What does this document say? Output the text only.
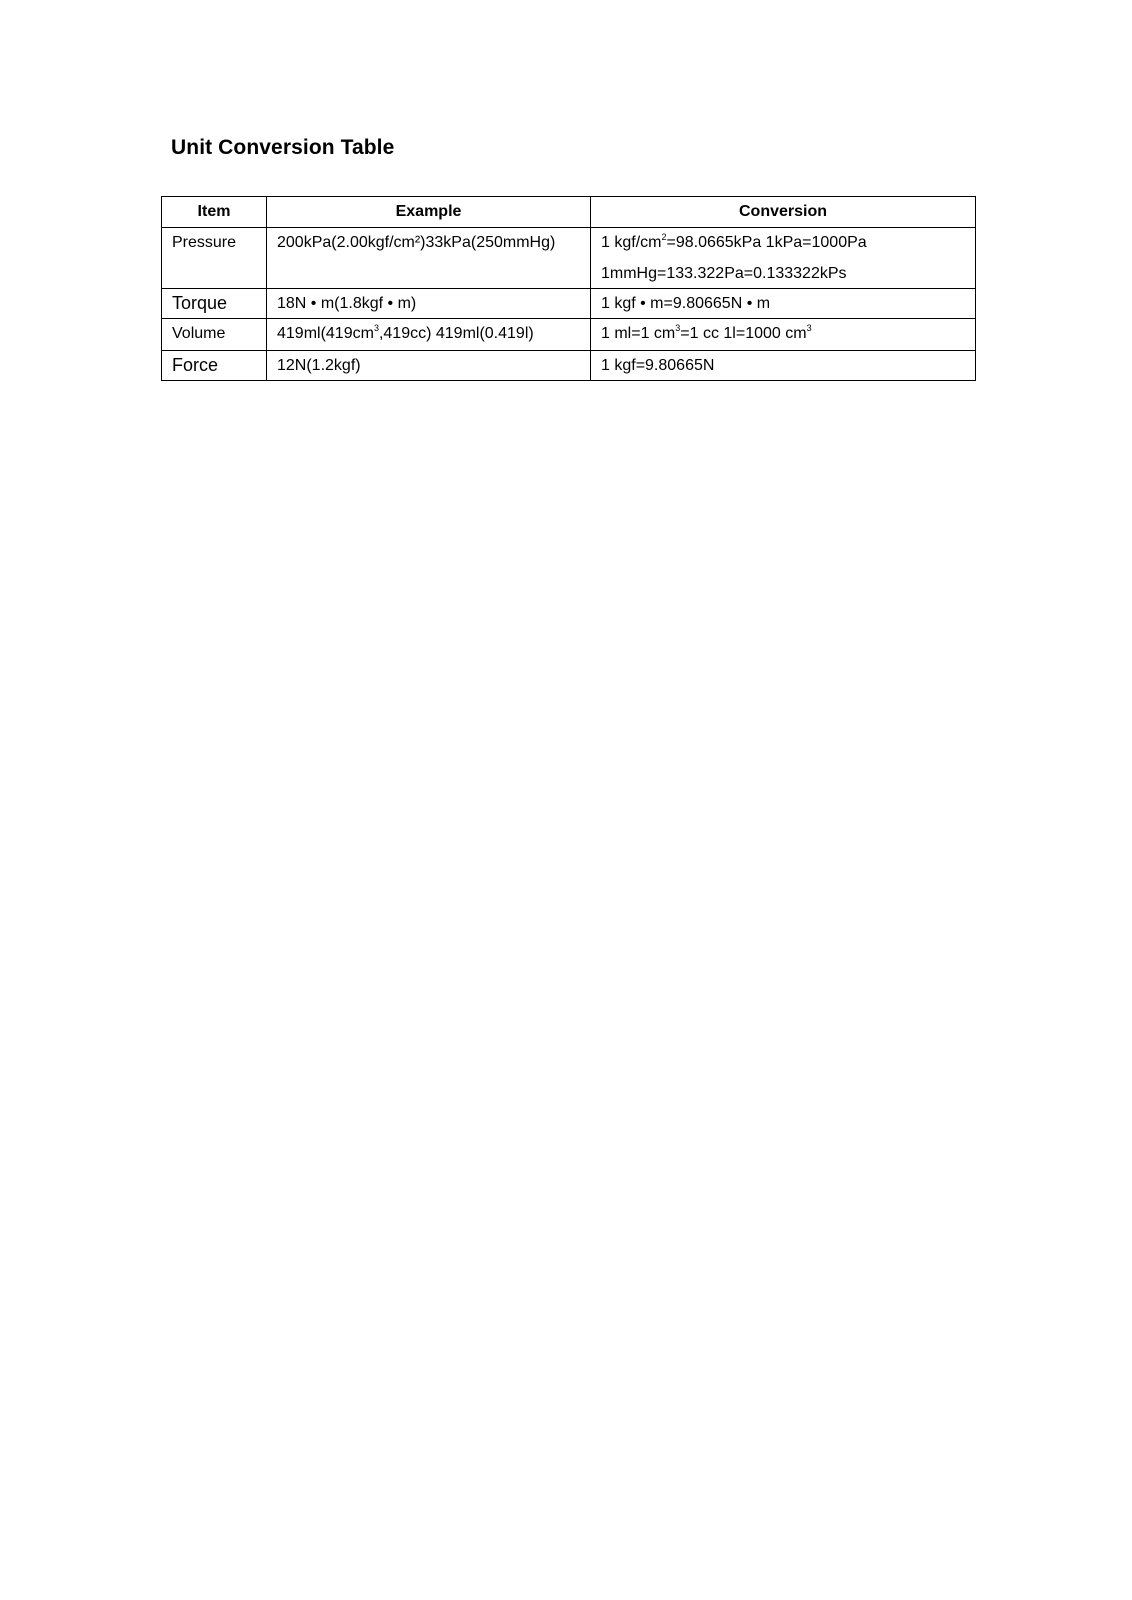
Unit Conversion Table
Item	Example	Conversion
Pressure	200kPa(2.00kgf/cm²)33kPa(250mmHg)	1 kgf/$cm^2=98.0665kPa$ 1kPa=1000Pa
1mmHg=133.322Pa=0.133322kPs

Torque	18N • m(1.8kgf • m)	1 kgf • m=9.80665N • m
Volume	$419ml(419cm^3,419cc)$ 419ml(0.419l)	1 ml=1 $cm^3=1$ cc 1l=1000 $cm^3$
Force	12N(1.2kgf)	1 kgf=9.80665N
